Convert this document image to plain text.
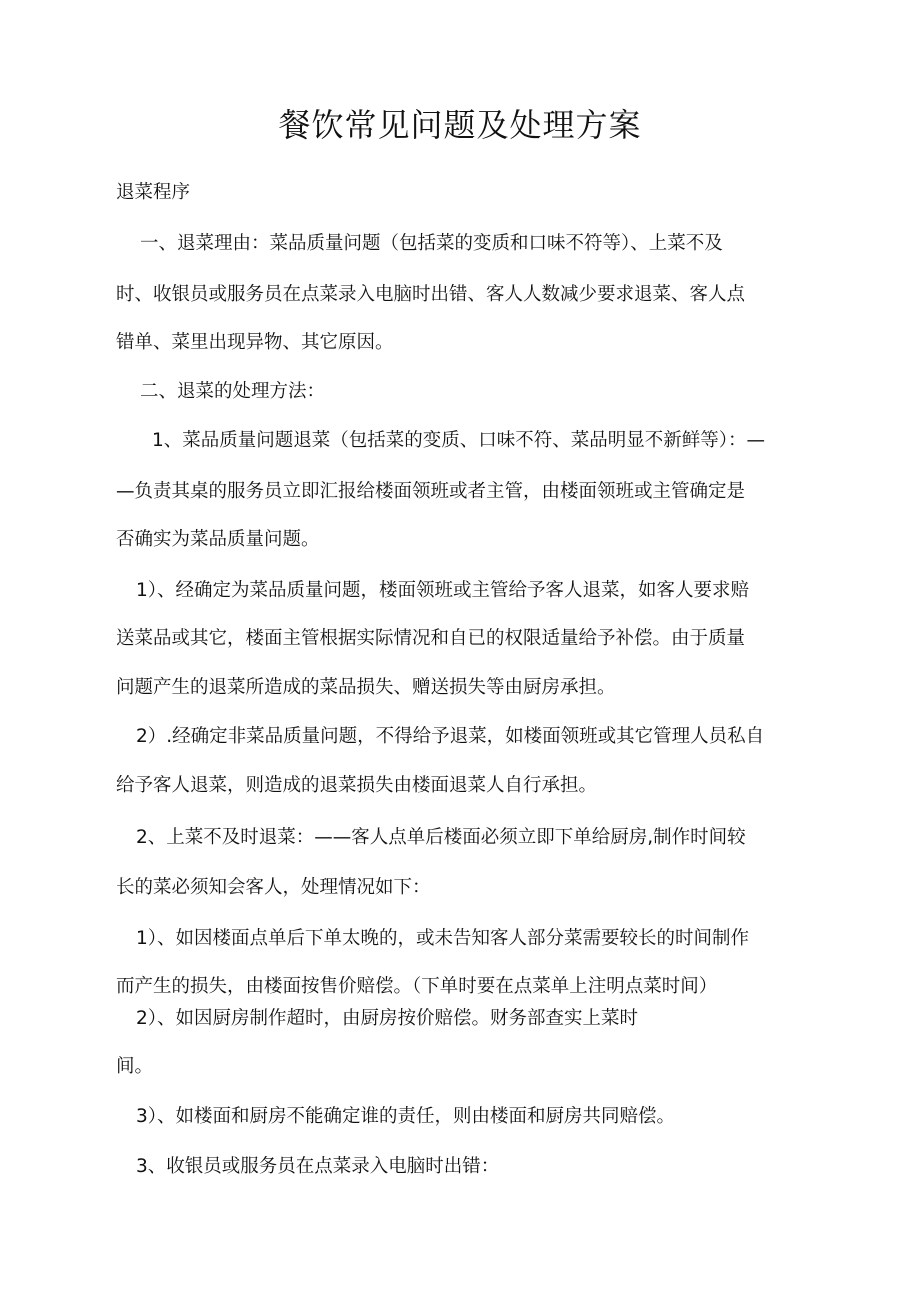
餐饮常见问题及处理方案
退菜程序
一、退菜理由：菜品质量问题（包括菜的变质和口味不符等）、上菜不及
时、收银员或服务员在点菜录入电脑时出错、客人人数减少要求退菜、客人点
错单、菜里出现异物、其它原因。
二、退菜的处理方法：
1、菜品质量问题退菜（包括菜的变质、口味不符、菜品明显不新鲜等）：—
—负责其桌的服务员立即汇报给楼面领班或者主管，由楼面领班或主管确定是
否确实为菜品质量问题。
1）、经确定为菜品质量问题，楼面领班或主管给予客人退菜，如客人要求赔
送菜品或其它，楼面主管根据实际情况和自已的权限适量给予补偿。由于质量
问题产生的退菜所造成的菜品损失、赠送损失等由厨房承担。
2）.经确定非菜品质量问题，不得给予退菜，如楼面领班或其它管理人员私自
给予客人退菜，则造成的退菜损失由楼面退菜人自行承担。
2、上菜不及时退菜：——客人点单后楼面必须立即下单给厨房,制作时间较
长的菜必须知会客人，处理情况如下：
1）、如因楼面点单后下单太晚的，或未告知客人部分菜需要较长的时间制作
而产生的损失，由楼面按售价赔偿。（下单时要在点菜单上注明点菜时间）
2）、如因厨房制作超时，由厨房按价赔偿。财务部查实上菜时
间。
3）、如楼面和厨房不能确定谁的责任，则由楼面和厨房共同赔偿。
3、收银员或服务员在点菜录入电脑时出错：
